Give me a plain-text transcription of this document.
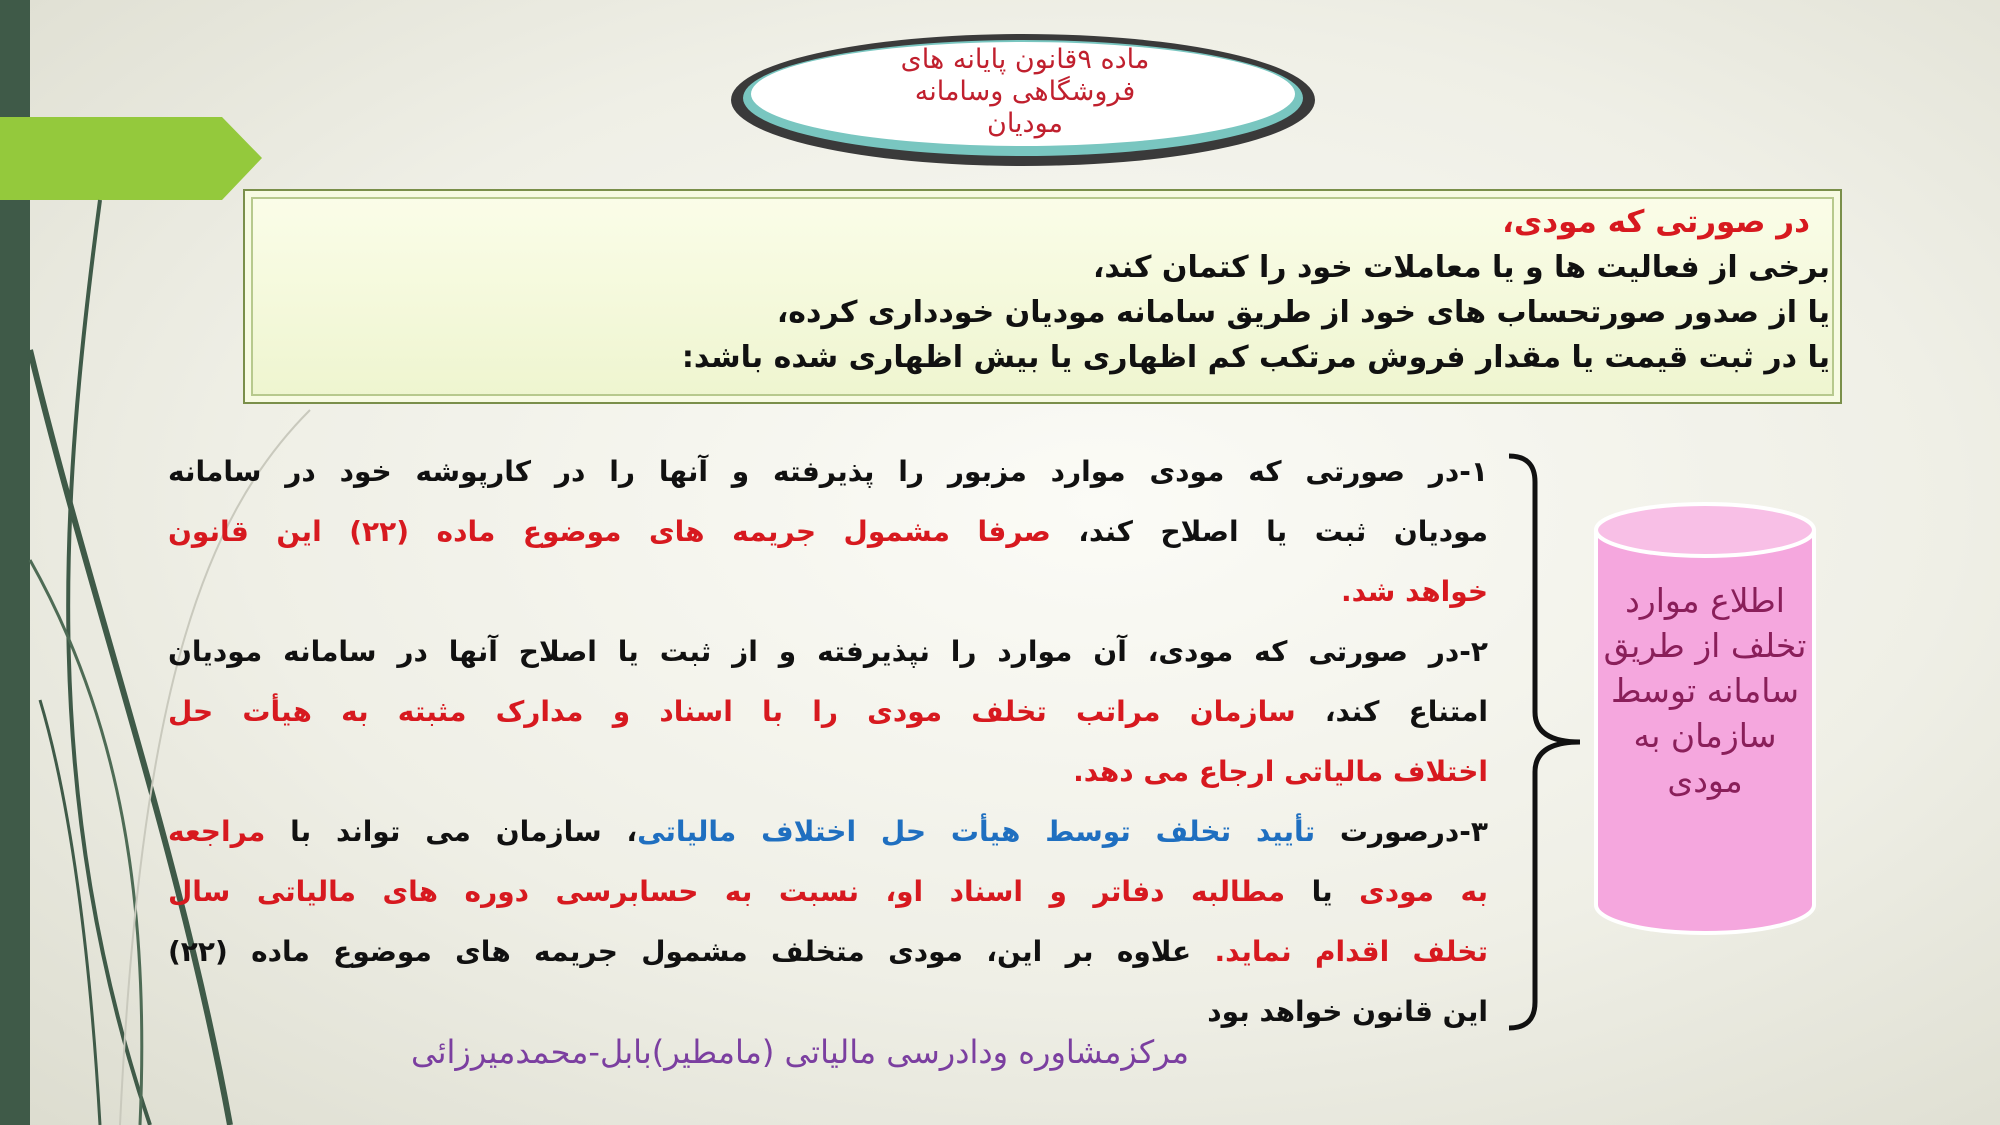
ماده ۹قانون پایانه های
فروشگاهی وسامانه
مودیان
در صورتی که مودی،
برخی از فعالیت ها و یا معاملات خود را کتمان کند،
یا از صدور صورتحساب های خود از طریق سامانه مودیان خودداری کرده،
یا در ثبت قیمت یا مقدار فروش مرتکب کم اظهاری یا بیش اظهاری شده باشد:
۱-در صورتی که مودی موارد مزبور را پذیرفته و آنها را در کارپوشه خود در سامانه
مودیان ثبت یا اصلاح کند، صرفا مشمول جریمه های موضوع ماده (۲۲) این قانون
خواهد شد.
۲-در صورتی که مودی، آن موارد را نپذیرفته و از ثبت یا اصلاح آنها در سامانه مودیان
امتناع کند، سازمان مراتب تخلف مودی را با اسناد و مدارک مثبته به هیأت حل
اختلاف مالیاتی ارجاع می دهد.
۳-درصورت تأیید تخلف توسط هیأت حل اختلاف مالیاتی، سازمان می تواند با مراجعه
به مودی یا مطالبه دفاتر و اسناد او، نسبت به حسابرسی دوره های مالیاتی سال
تخلف اقدام نماید. علاوه بر این، مودی متخلف مشمول جریمه های موضوع ماده (۲۲)
این قانون خواهد بود
اطلاع موارد تخلف از طریق سامانه توسط سازمان به مودی
مرکزمشاوره ودادرسی مالیاتی (مامطیر)بابل-محمدمیرزائی
